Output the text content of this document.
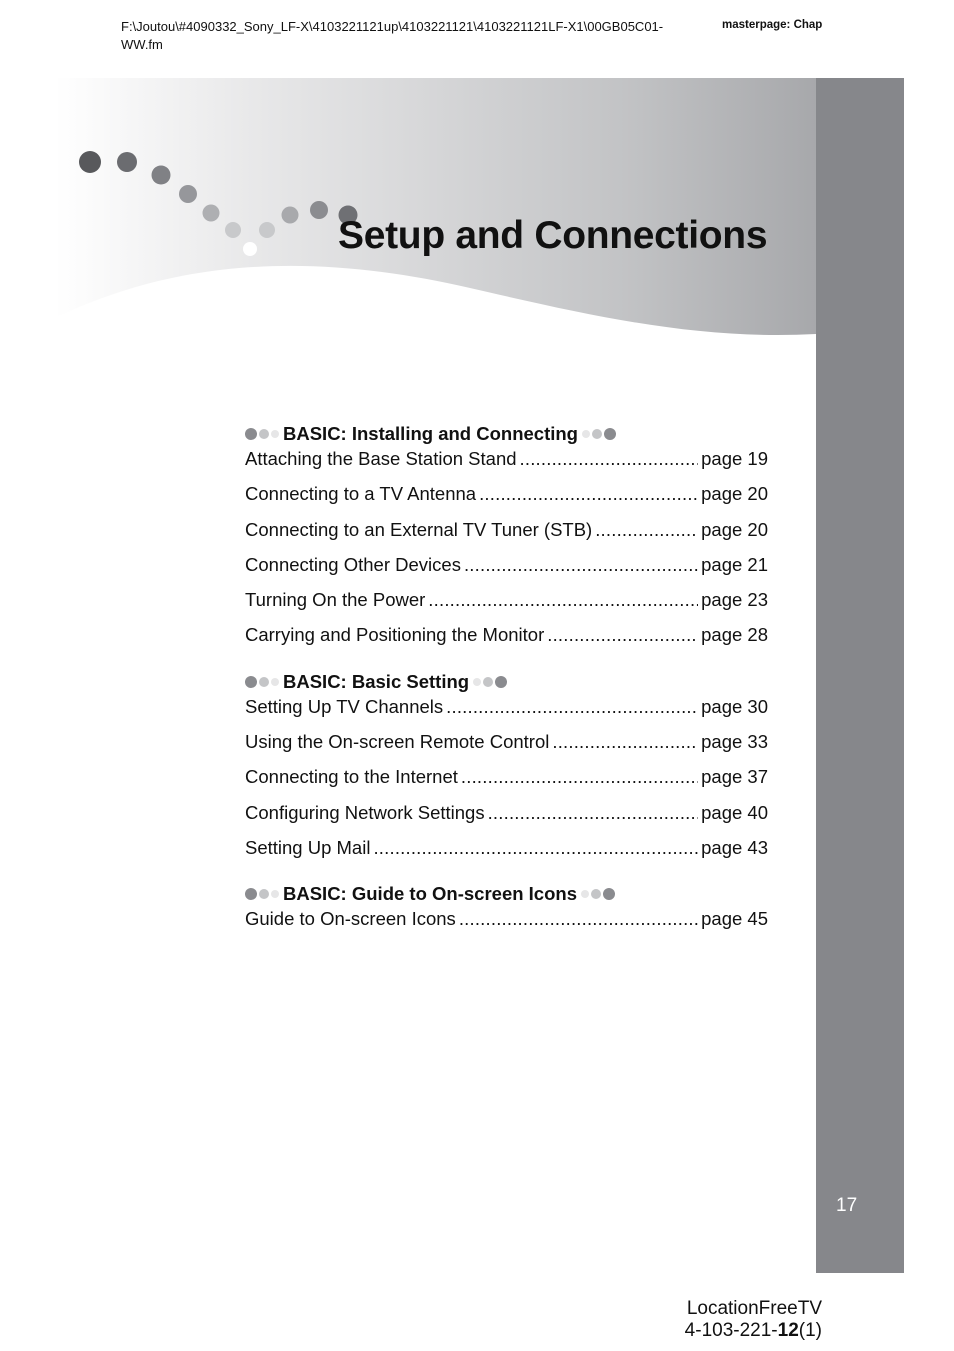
F:\Joutou\#4090332_Sony_LF-X\4103221121up\4103221121\4103221121LF-X1\00GB05C01-WW.fm
masterpage: Chap
Setup and Connections
17
BASIC: Installing and Connecting
Attaching the Base Station Stand .....	page 19
Connecting to a TV Antenna .....	page 20
Connecting to an External TV Tuner (STB) .....	page 20
Connecting Other Devices .....	page 21
Turning On the Power .....	page 23
Carrying and Positioning the Monitor .....	page 28
BASIC: Basic Setting
Setting Up TV Channels .....	page 30
Using the On-screen Remote Control .....	page 33
Connecting to the Internet .....	page 37
Configuring Network Settings .....	page 40
Setting Up Mail .....	page 43
BASIC: Guide to On-screen Icons
Guide to On-screen Icons .....	page 45
LocationFreeTV
4-103-221-12(1)
